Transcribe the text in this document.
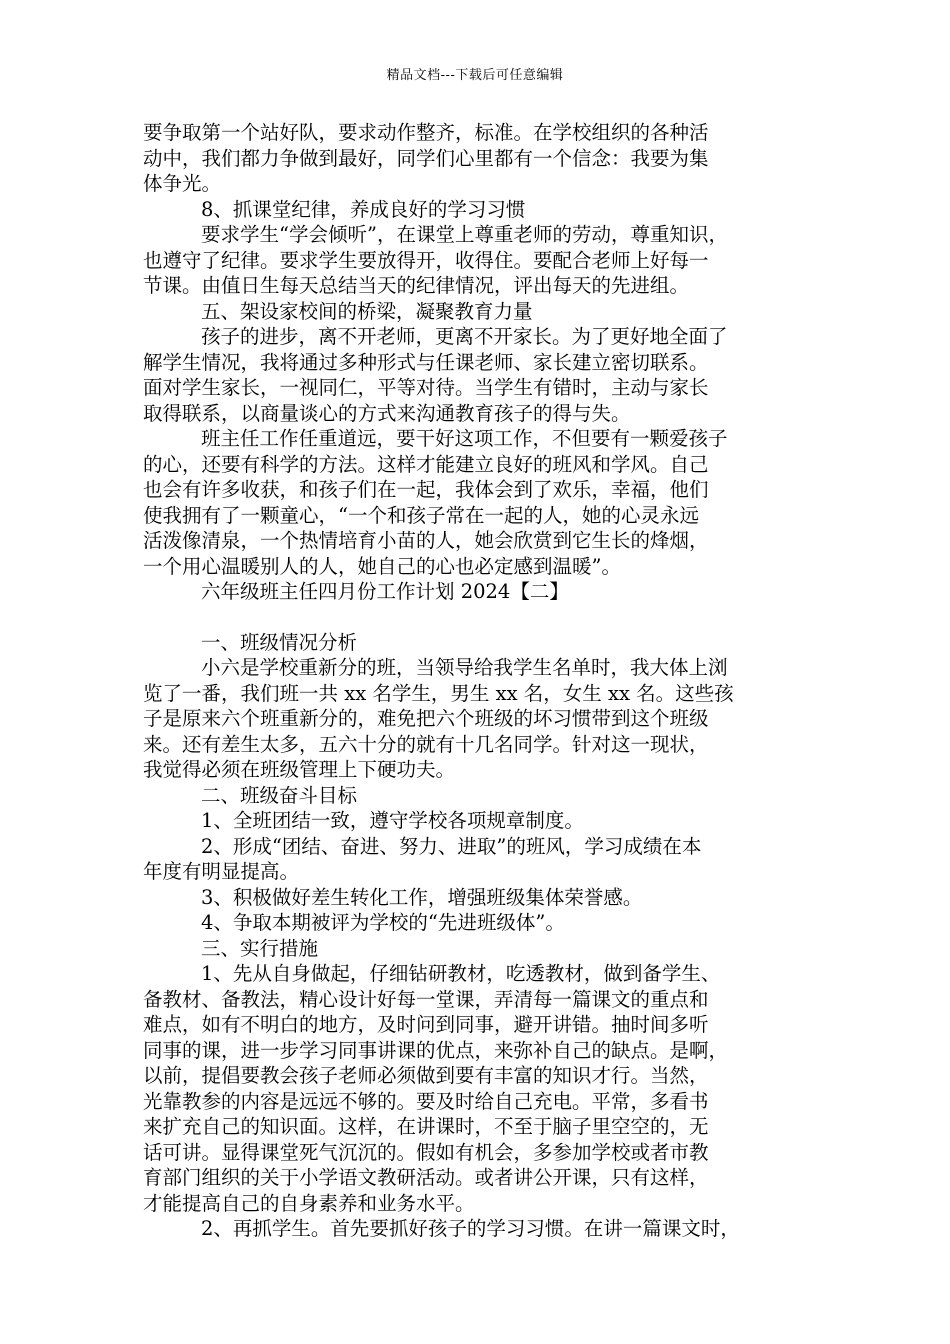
精品文档---下载后可任意编辑
要争取第一个站好队，要求动作整齐，标准。在学校组织的各种活
动中，我们都力争做到最好，同学们心里都有一个信念：我要为集
体争光。
8、抓课堂纪律，养成良好的学习习惯
要求学生“学会倾听”，在课堂上尊重老师的劳动，尊重知识，
也遵守了纪律。要求学生要放得开，收得住。要配合老师上好每一
节课。由值日生每天总结当天的纪律情况，评出每天的先进组。
五、架设家校间的桥梁，凝聚教育力量
孩子的进步，离不开老师，更离不开家长。为了更好地全面了
解学生情况，我将通过多种形式与任课老师、家长建立密切联系。
面对学生家长，一视同仁，平等对待。当学生有错时，主动与家长
取得联系，以商量谈心的方式来沟通教育孩子的得与失。
班主任工作任重道远，要干好这项工作，不但要有一颗爱孩子
的心，还要有科学的方法。这样才能建立良好的班风和学风。自己
也会有许多收获，和孩子们在一起，我体会到了欢乐，幸福，他们
使我拥有了一颗童心，“一个和孩子常在一起的人，她的心灵永远
活泼像清泉，一个热情培育小苗的人，她会欣赏到它生长的烽烟，
一个用心温暖别人的人，她自己的心也必定感到温暖”。
六年级班主任四月份工作计划 2024【二】
一、班级情况分析
小六是学校重新分的班，当领导给我学生名单时，我大体上浏
览了一番，我们班一共 xx 名学生，男生 xx 名，女生 xx 名。这些孩
子是原来六个班重新分的，难免把六个班级的坏习惯带到这个班级
来。还有差生太多，五六十分的就有十几名同学。针对这一现状，
我觉得必须在班级管理上下硬功夫。
二、班级奋斗目标
1、全班团结一致，遵守学校各项规章制度。
2、形成“团结、奋进、努力、进取”的班风，学习成绩在本
年度有明显提高。
3、积极做好差生转化工作，增强班级集体荣誉感。
4、争取本期被评为学校的“先进班级体”。
三、实行措施
1、先从自身做起，仔细钻研教材，吃透教材，做到备学生、
备教材、备教法，精心设计好每一堂课，弄清每一篇课文的重点和
难点，如有不明白的地方，及时问到同事，避开讲错。抽时间多听
同事的课，进一步学习同事讲课的优点，来弥补自己的缺点。是啊，
以前，提倡要教会孩子老师必须做到要有丰富的知识才行。当然，
光靠教参的内容是远远不够的。要及时给自己充电。平常，多看书
来扩充自己的知识面。这样，在讲课时，不至于脑子里空空的，无
话可讲。显得课堂死气沉沉的。假如有机会，多参加学校或者市教
育部门组织的关于小学语文教研活动。或者讲公开课，只有这样，
才能提高自己的自身素养和业务水平。
2、再抓学生。首先要抓好孩子的学习习惯。在讲一篇课文时，
